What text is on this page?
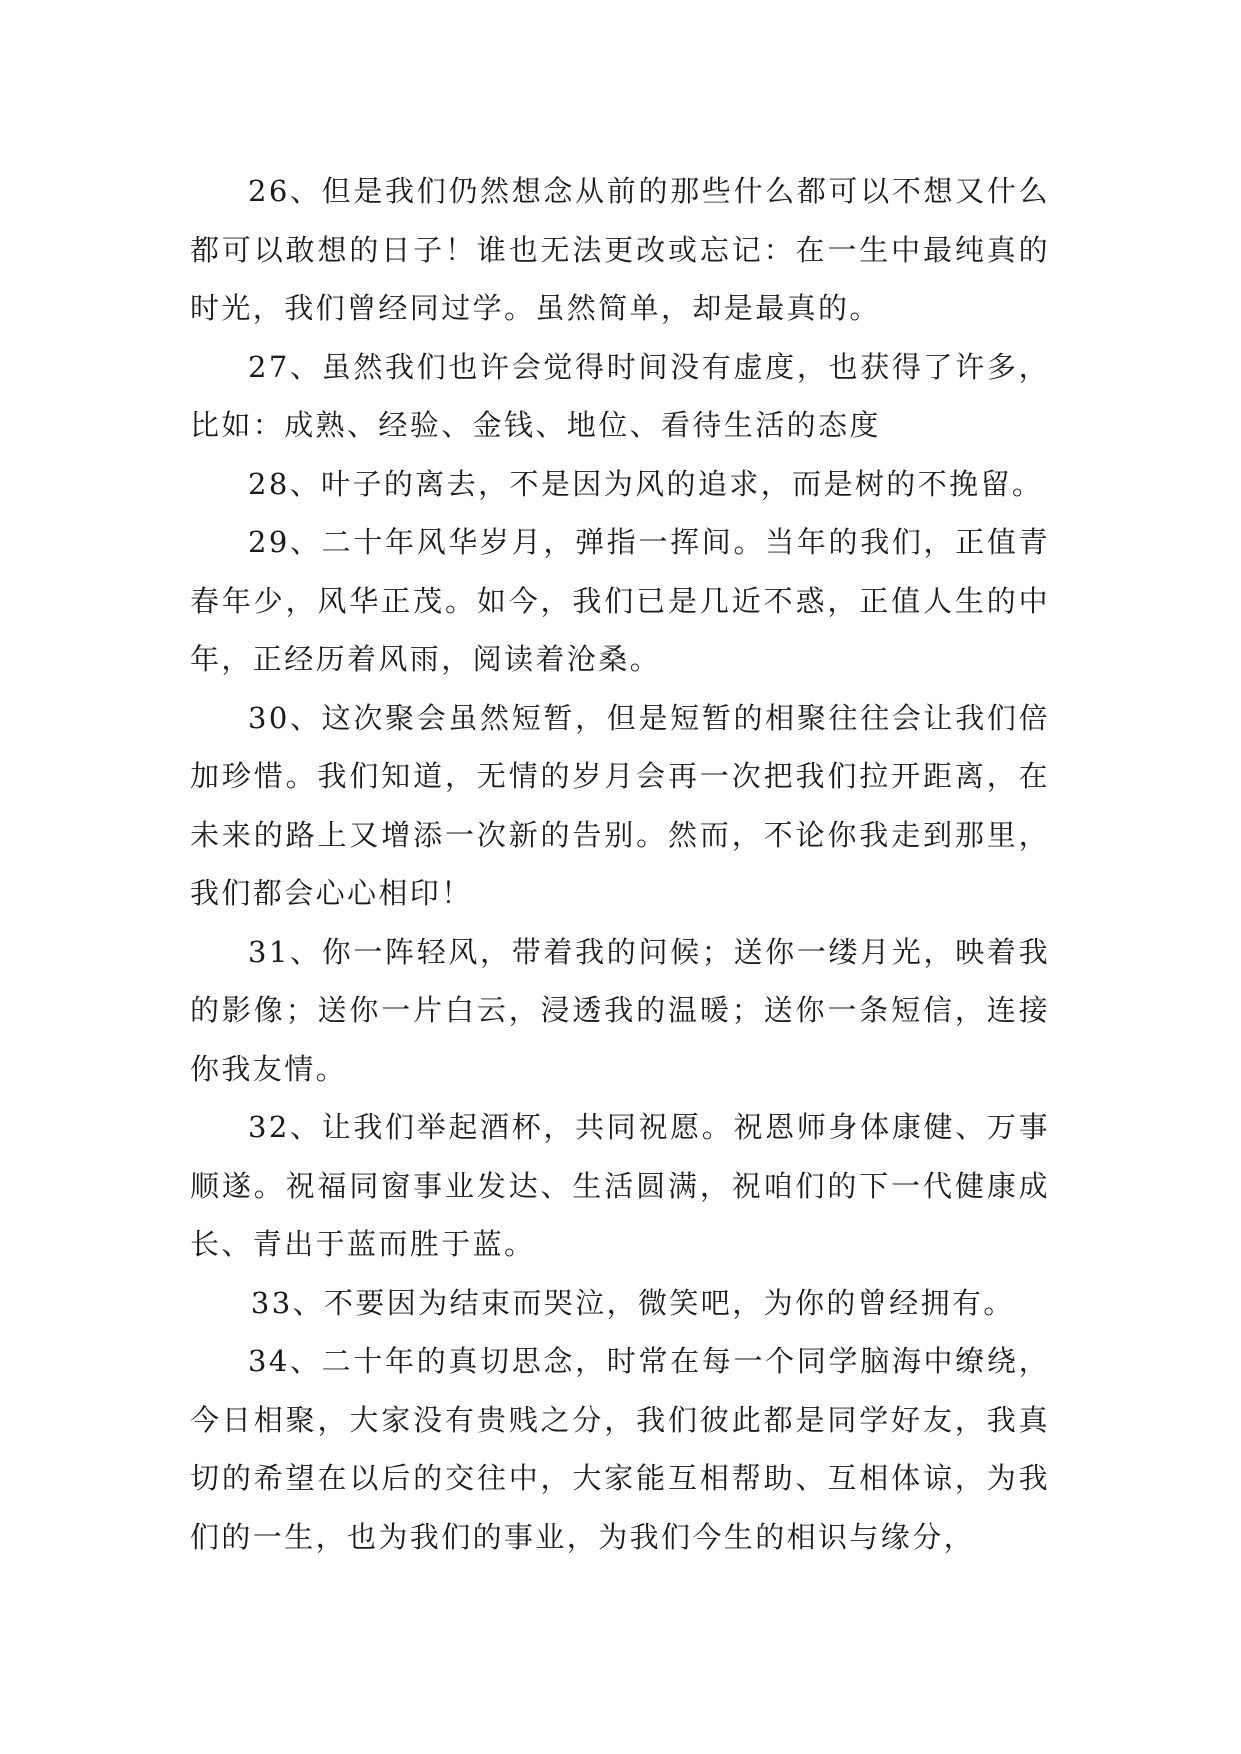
26、但是我们仍然想念从前的那些什么都可以不想又什么都可以敢想的日子！谁也无法更改或忘记：在一生中最纯真的时光，我们曾经同过学。虽然简单，却是最真的。

27、虽然我们也许会觉得时间没有虚度，也获得了许多，比如：成熟、经验、金钱、地位、看待生活的态度

28、叶子的离去，不是因为风的追求，而是树的不挽留。

29、二十年风华岁月，弹指一挥间。当年的我们，正值青春年少，风华正茂。如今，我们已是几近不惑，正值人生的中年，正经历着风雨，阅读着沧桑。

30、这次聚会虽然短暂，但是短暂的相聚往往会让我们倍加珍惜。我们知道，无情的岁月会再一次把我们拉开距离，在未来的路上又增添一次新的告别。然而，不论你我走到那里，我们都会心心相印！

31、你一阵轻风，带着我的问候；送你一缕月光，映着我的影像；送你一片白云，浸透我的温暖；送你一条短信，连接你我友情。

32、让我们举起酒杯，共同祝愿。祝恩师身体康健、万事顺遂。祝福同窗事业发达、生活圆满，祝咱们的下一代健康成长、青出于蓝而胜于蓝。

33、不要因为结束而哭泣，微笑吧，为你的曾经拥有。

34、二十年的真切思念，时常在每一个同学脑海中缭绕，今日相聚，大家没有贵贱之分，我们彼此都是同学好友，我真切的希望在以后的交往中，大家能互相帮助、互相体谅，为我们的一生，也为我们的事业，为我们今生的相识与缘分，
